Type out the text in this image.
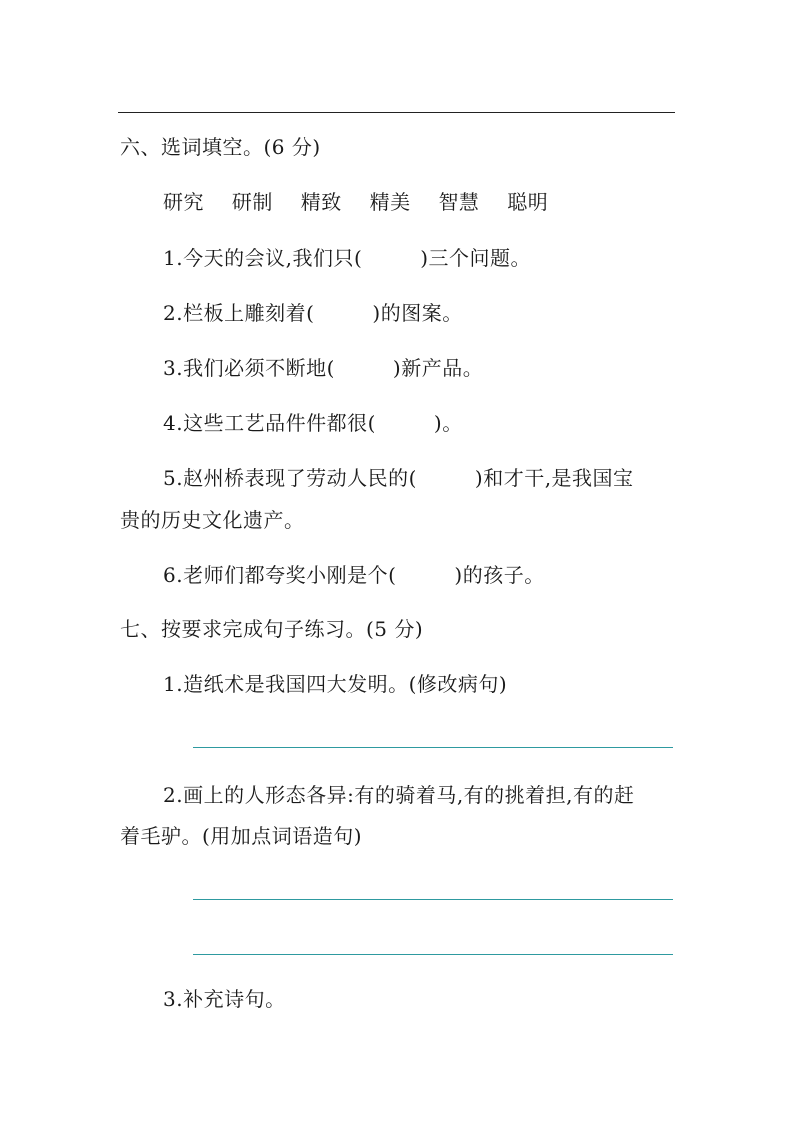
六、选词填空。(6 分)
研究 研制 精致 精美 智慧 聪明
1.今天的会议,我们只(	)三个问题。
2.栏板上雕刻着(	)的图案。
3.我们必须不断地(	)新产品。
4.这些工艺品件件都很(	)。
5.赵州桥表现了劳动人民的(	)和才干,是我国宝
贵的历史文化遗产。
6.老师们都夸奖小刚是个(	)的孩子。
七、按要求完成句子练习。(5 分)
1.造纸术是我国四大发明。(修改病句)
2.画上的人形态各异:有的骑着马,有的挑着担,有的赶
着毛驴。(用加点词语造句)
3.补充诗句。
